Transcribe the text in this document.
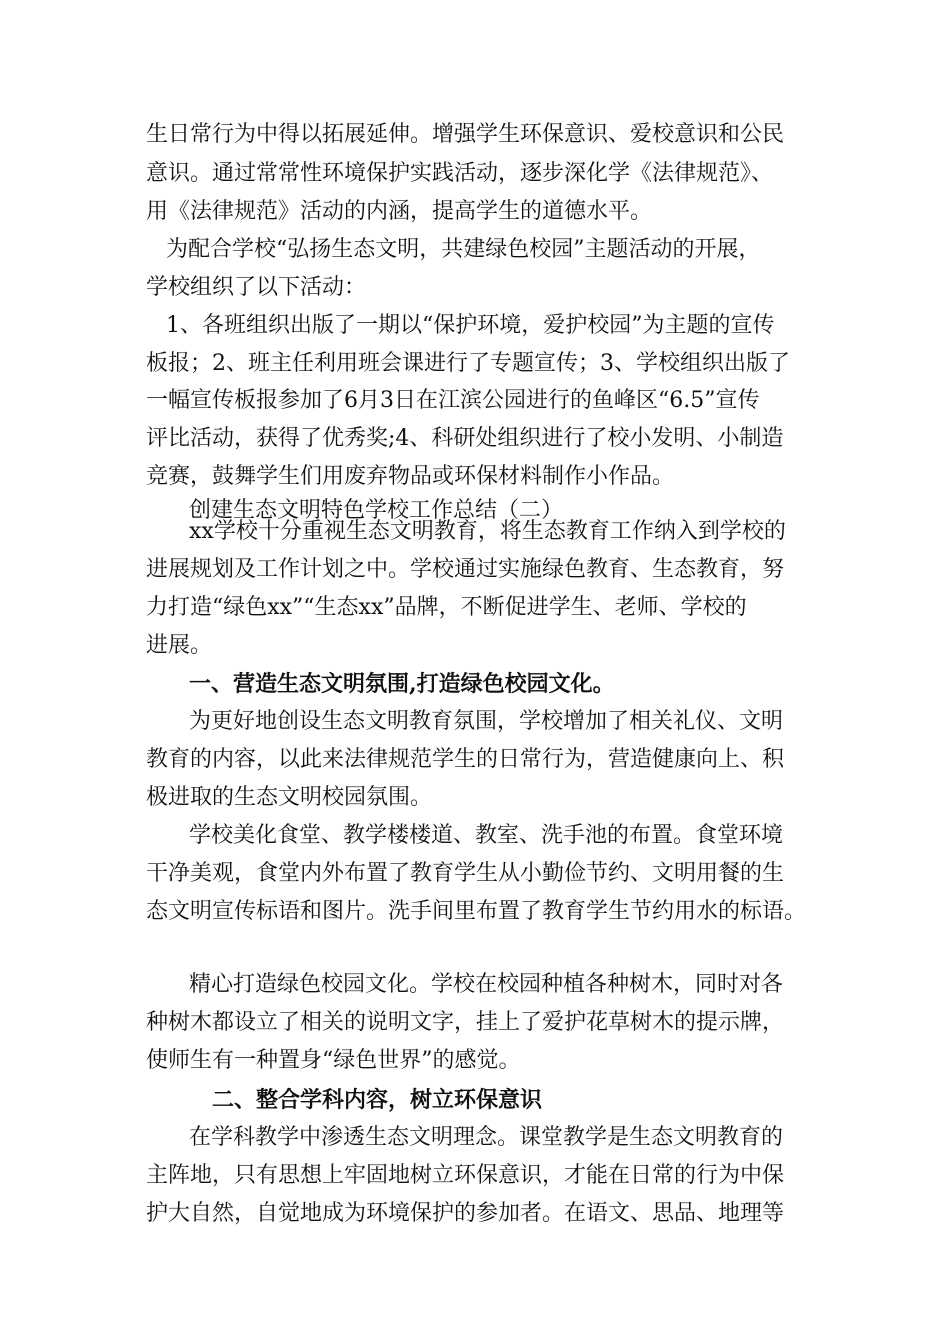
生日常行为中得以拓展延伸。增强学生环保意识、爱校意识和公民
意识。通过常常性环境保护实践活动，逐步深化学《法律规范》、
用《法律规范》活动的内涵，提高学生的道德水平。
为配合学校“弘扬生态文明，共建绿色校园”主题活动的开展，
学校组织了以下活动：
1、各班组织出版了一期以“保护环境，爱护校园”为主题的宣传
板报；2、班主任利用班会课进行了专题宣传；3、学校组织出版了
一幅宣传板报参加了6月3日在江滨公园进行的鱼峰区“6.5”宣传
评比活动，获得了优秀奖;4、科研处组织进行了校小发明、小制造
竞赛，鼓舞学生们用废弃物品或环保材料制作小作品。
创建生态文明特色学校工作总结（二）
xx学校十分重视生态文明教育，将生态教育工作纳入到学校的
进展规划及工作计划之中。学校通过实施绿色教育、生态教育，努
力打造“绿色xx”“生态xx”品牌，不断促进学生、老师、学校的
进展。
一、营造生态文明氛围,打造绿色校园文化。
为更好地创设生态文明教育氛围，学校增加了相关礼仪、文明
教育的内容，以此来法律规范学生的日常行为，营造健康向上、积
极进取的生态文明校园氛围。
学校美化食堂、教学楼楼道、教室、洗手池的布置。食堂环境
干净美观，食堂内外布置了教育学生从小勤俭节约、文明用餐的生
态文明宣传标语和图片。洗手间里布置了教育学生节约用水的标语。
精心打造绿色校园文化。学校在校园种植各种树木，同时对各
种树木都设立了相关的说明文字，挂上了爱护花草树木的提示牌，
使师生有一种置身“绿色世界”的感觉。
二、整合学科内容，树立环保意识
在学科教学中渗透生态文明理念。课堂教学是生态文明教育的
主阵地，只有思想上牢固地树立环保意识，才能在日常的行为中保
护大自然，自觉地成为环境保护的参加者。在语文、思品、地理等
